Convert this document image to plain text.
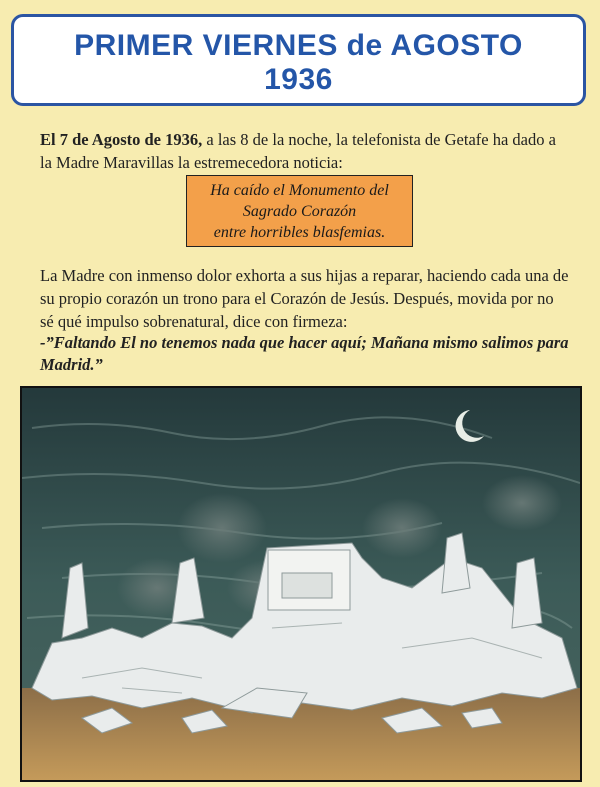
PRIMER VIERNES de AGOSTO
1936
El 7 de Agosto de 1936, a las 8 de la noche, la telefonista de Getafe ha dado a la Madre Maravillas la estremecedora noticia:
Ha caído el Monumento del
Sagrado Corazón
entre horribles blasfemias.
La Madre con inmenso dolor exhorta a sus hijas a reparar, haciendo cada una de su propio corazón un trono para el Corazón de Jesús. Después, movida por no sé qué impulso sobrenatural, dice con firmeza:
-”Faltando El no tenemos nada que hacer aquí; Mañana mismo salimos para Madrid.”
